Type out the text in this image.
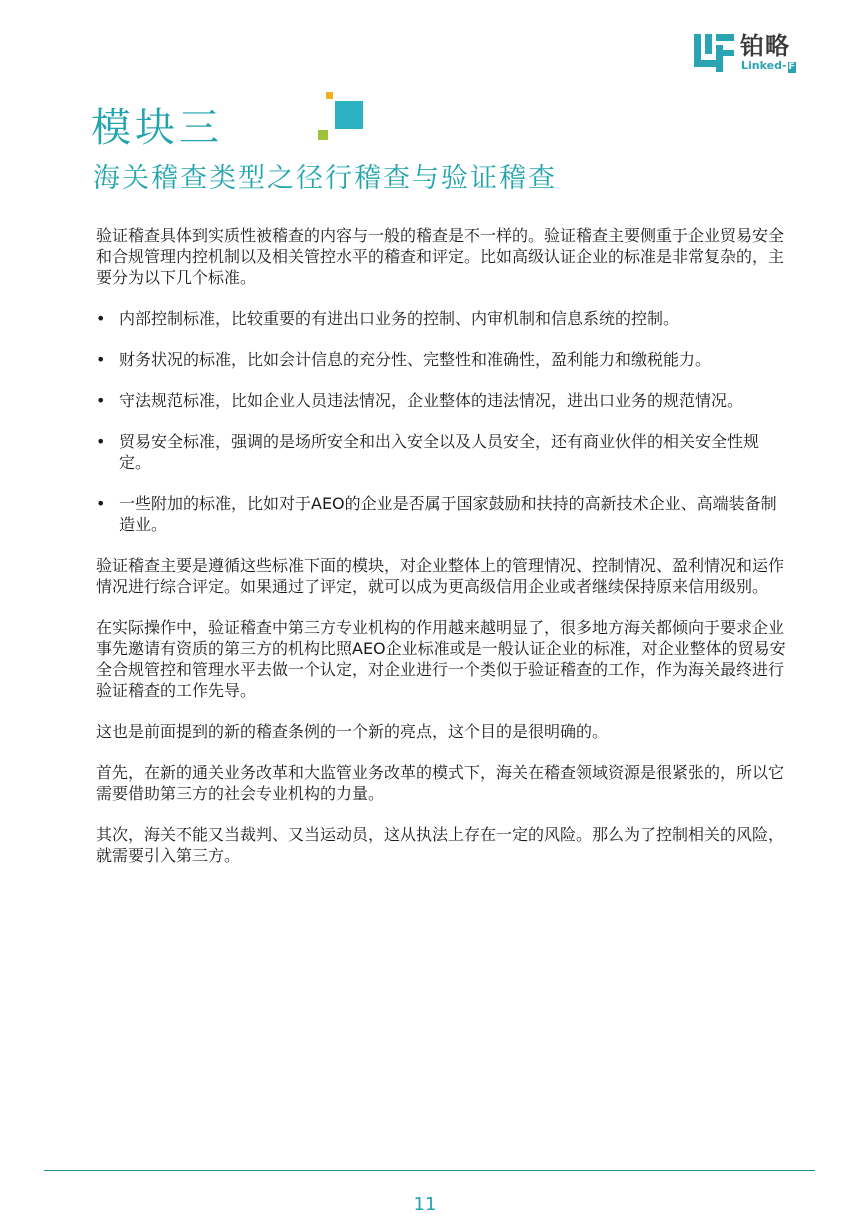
铂略
Linked- F
模块三
海关稽查类型之径行稽查与验证稽查

验证稽查具体到实质性被稽查的内容与一般的稽查是不一样的。验证稽查主要侧重于企业贸易安全和合规管理内控机制以及相关管控水平的稽查和评定。比如高级认证企业的标准是非常复杂的，主要分为以下几个标准。

• 内部控制标准，比较重要的有进出口业务的控制、内审机制和信息系统的控制。
• 财务状况的标准，比如会计信息的充分性、完整性和准确性，盈利能力和缴税能力。
• 守法规范标准，比如企业人员违法情况，企业整体的违法情况，进出口业务的规范情况。
• 贸易安全标准，强调的是场所安全和出入安全以及人员安全，还有商业伙伴的相关安全性规定。
• 一些附加的标准，比如对于AEO的企业是否属于国家鼓励和扶持的高新技术企业、高端装备制造业。

验证稽查主要是遵循这些标准下面的模块，对企业整体上的管理情况、控制情况、盈利情况和运作情况进行综合评定。如果通过了评定，就可以成为更高级信用企业或者继续保持原来信用级别。

在实际操作中，验证稽查中第三方专业机构的作用越来越明显了，很多地方海关都倾向于要求企业事先邀请有资质的第三方的机构比照AEO企业标准或是一般认证企业的标准，对企业整体的贸易安全合规管控和管理水平去做一个认定，对企业进行一个类似于验证稽查的工作，作为海关最终进行验证稽查的工作先导。

这也是前面提到的新的稽查条例的一个新的亮点，这个目的是很明确的。

首先，在新的通关业务改革和大监管业务改革的模式下，海关在稽查领域资源是很紧张的，所以它需要借助第三方的社会专业机构的力量。

其次，海关不能又当裁判、又当运动员，这从执法上存在一定的风险。那么为了控制相关的风险，就需要引入第三方。

11
